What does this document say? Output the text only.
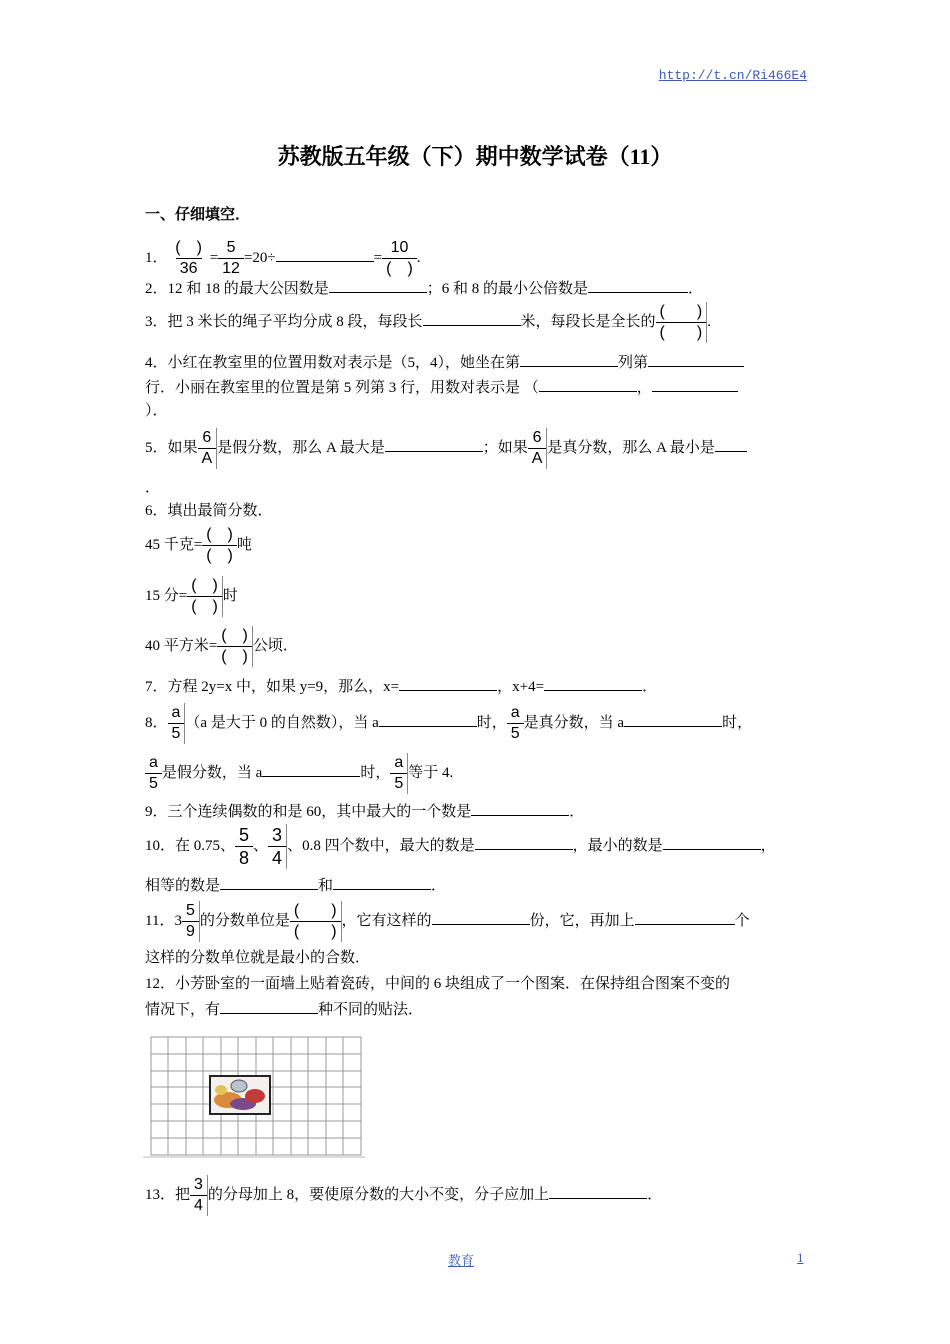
http://t.cn/Ri466E4
苏教版五年级（下）期中数学试卷（11）
一、仔细填空．
1． $\frac{( )}{36} = \frac{5}{12} =20\div$	= $\frac{10}{( )}$ .
2．12 和 18 的最大公因数是	；6 和 8 的最小公倍数是	．
3．把 3 米长的绳子平均分成 8 段，每段长	米，每段长是全长的 $\frac{( )}{( )}$ .
4．小红在教室里的位置用数对表示是（5，4），她坐在第	列第
行．小丽在教室里的位置是第 5 列第 3 行，用数对表示是 （	，
）．
5．如果 $\frac{6}{A}$ 是假分数，那么 A 最大是	；如果 $\frac{6}{A}$ 是真分数，那么 A 最小是
．
6．填出最简分数．
45 千克= $\frac{( )}{( )}$ 吨
15 分= $\frac{( )}{( )}$ 时
40 平方米= $\frac{( )}{( )}$ 公顷．
7．方程 2y=x 中，如果 y=9，那么，x=	，x+4=	．
8． $\frac{a}{5} (a$ 是大于 0 的自然数），当 a	时， $\frac{a}{5}$ 是真分数，当 a	时，
$\frac{a}{5}$ 是假分数，当 a	时， $\frac{a}{5}$ 等于 4.
9．三个连续偶数的和是 60，其中最大的一个数是	．
10．在 0.75、 $\frac{5}{8}$ 、 $\frac{3}{4}$ 、0.8 四个数中，最大的数是	，最小的数是	，
相等的数是	和	．
11．$3 \frac{5}{9}$ 的分数单位是 $\frac{( )}{( )}$ ，它有这样的	份，它，再加上	个
这样的分数单位就是最小的合数．
12．小芳卧室的一面墙上贴着瓷砖，中间的 6 块组成了一个图案．在保持组合图案不变的
情况下，有	种不同的贴法．
13．把 $\frac{3}{4}$ 的分母加上 8，要使原分数的大小不变，分子应加上	．
教育	1
